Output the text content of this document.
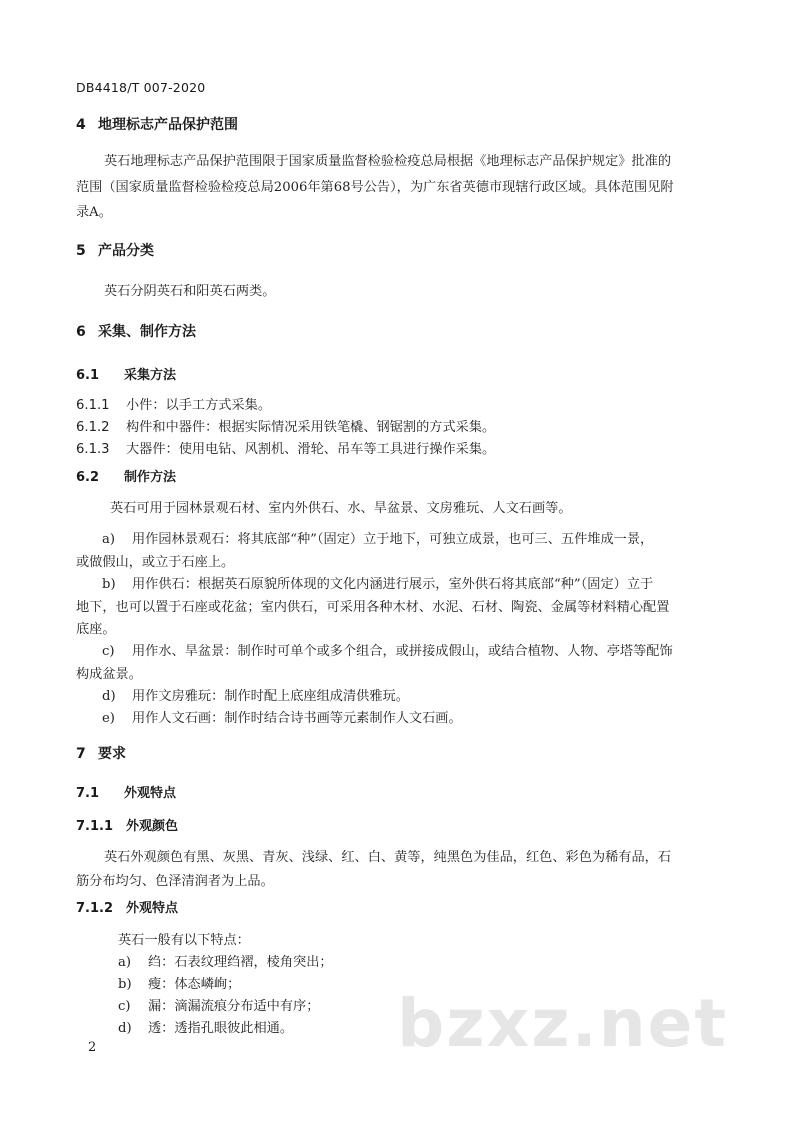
DB4418/T 007-2020
4 地理标志产品保护范围
英石地理标志产品保护范围限于国家质量监督检验检疫总局根据《地理标志产品保护规定》批准的
范围（国家质量监督检验检疫总局2006年第68号公告），为广东省英德市现辖行政区域。具体范围见附
录A。
5 产品分类
英石分阴英石和阳英石两类。
6 采集、制作方法
6.1 采集方法
6.1.1 小件：以手工方式采集。
6.1.2 构件和中器件：根据实际情况采用铁笔橇、钢锯割的方式采集。
6.1.3 大器件：使用电钻、风割机、滑轮、吊车等工具进行操作采集。
6.2 制作方法
英石可用于园林景观石材、室内外供石、水、旱盆景、文房雅玩、人文石画等。
a) 用作园林景观石：将其底部“种”（固定）立于地下，可独立成景，也可三、五件堆成一景，
或做假山，或立于石座上。
b) 用作供石：根据英石原貌所体现的文化内涵进行展示，室外供石将其底部“种”（固定）立于
地下，也可以置于石座或花盆；室内供石，可采用各种木材、水泥、石材、陶瓷、金属等材料精心配置
底座。
c) 用作水、旱盆景：制作时可单个或多个组合，或拼接成假山，或结合植物、人物、亭塔等配饰
构成盆景。
d) 用作文房雅玩：制作时配上底座组成清供雅玩。
e) 用作人文石画：制作时结合诗书画等元素制作人文石画。
7 要求
7.1 外观特点
7.1.1 外观颜色
英石外观颜色有黑、灰黑、青灰、浅绿、红、白、黄等，纯黑色为佳品，红色、彩色为稀有品，石
筋分布均匀、色泽清润者为上品。
7.1.2 外观特点
英石一般有以下特点：
a) 绉：石表纹理绉褶，棱角突出；
b) 瘦：体态嶙峋；
c) 漏：滴漏流痕分布适中有序；
d) 透：透指孔眼彼此相通。
2	bzxz.net
